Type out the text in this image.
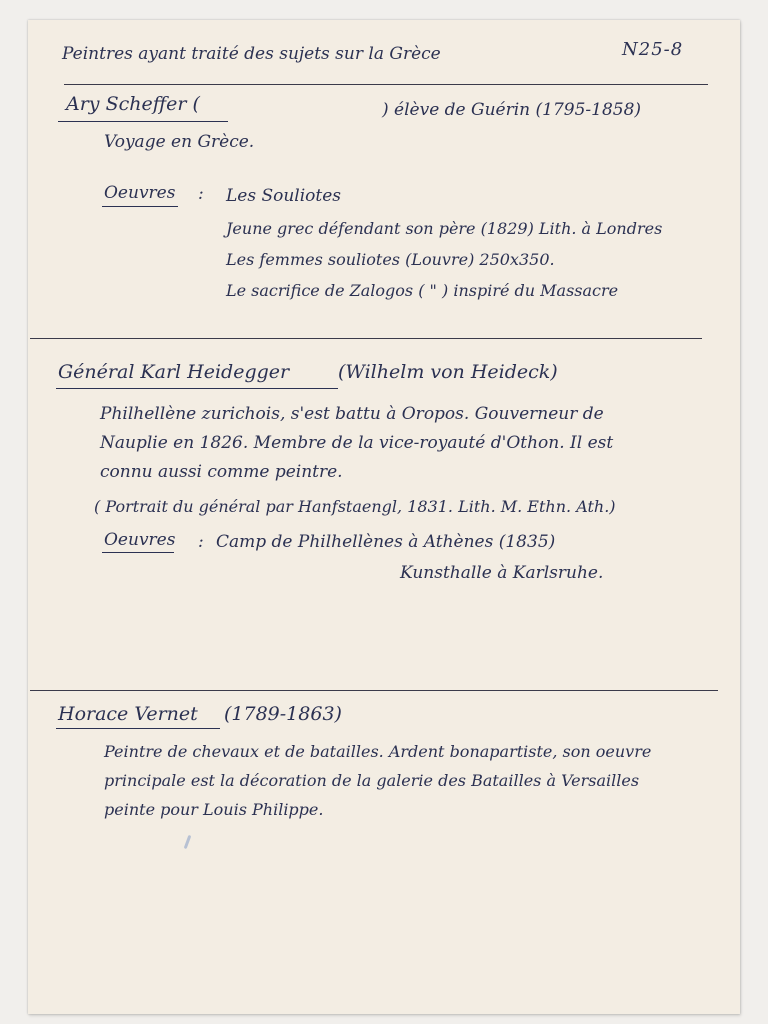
Peintres ayant traité des sujets sur la Grèce	N25-8

Ary Scheffer (	) élève de Guérin (1795-1858)

Voyage en Grèce.

Oeuvres : Les Souliotes

Jeune grec défendant son père (1829) Lith. à Londres

Les femmes souliotes (Louvre) 250x350.

Le sacrifice de Zalogos ( " ) inspiré du Massacre

Général Karl Heidegger	(Wilhelm von Heideck)

Philhellène zurichois, s'est battu à Oropos. Gouverneur de

Nauplie en 1826. Membre de la vice-royauté d'Othon. Il est

connu aussi comme peintre.

( Portrait du général par Hanfstaengl, 1831. Lith. M. Ethn. Ath.)

Oeuvres : Camp de Philhellènes à Athènes (1835)

Kunsthalle à Karlsruhe.

Horace Vernet (1789-1863)

Peintre de chevaux et de batailles. Ardent bonapartiste, son oeuvre

principale est la décoration de la galerie des Batailles à Versailles

peinte pour Louis Philippe.
